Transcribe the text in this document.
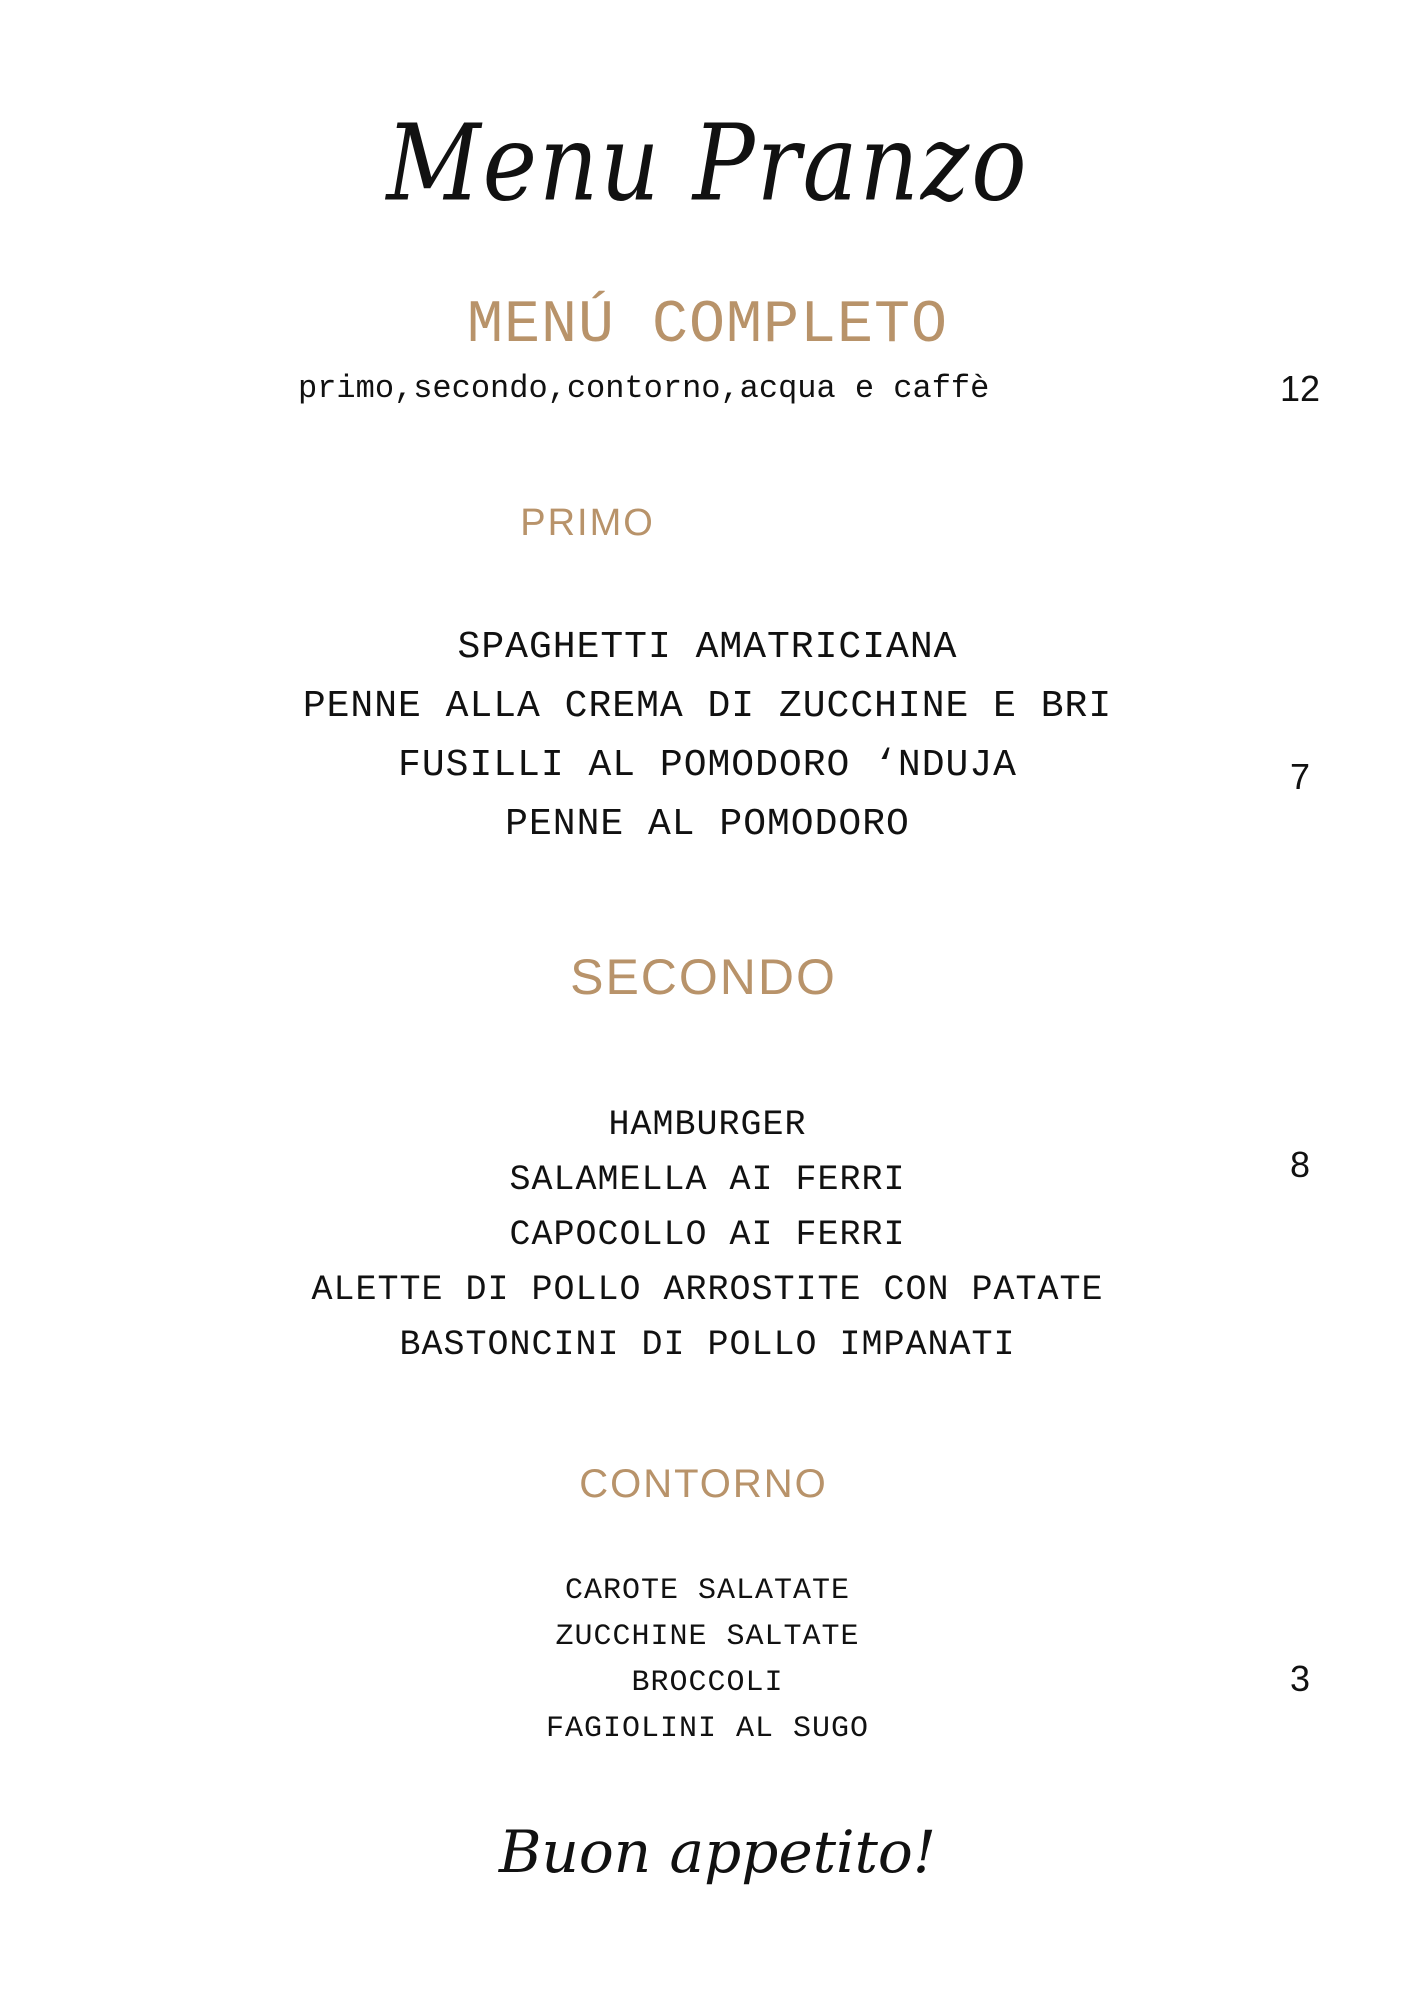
Menu Pranzo
MENÚ COMPLETO
primo,secondo,contorno,acqua e caffè	12
PRIMO
SPAGHETTI AMATRICIANA
PENNE ALLA CREMA DI ZUCCHINE E BRI
FUSILLI AL POMODORO ‘NDUJA
PENNE AL POMODORO
7
SECONDO
HAMBURGER
SALAMELLA AI FERRI
CAPOCOLLO AI FERRI
ALETTE DI POLLO ARROSTITE CON PATATE
BASTONCINI DI POLLO IMPANATI
8
CONTORNO
CAROTE SALATATE
ZUCCHINE SALTATE
BROCCOLI
FAGIOLINI AL SUGO
3
Buon appetito!
